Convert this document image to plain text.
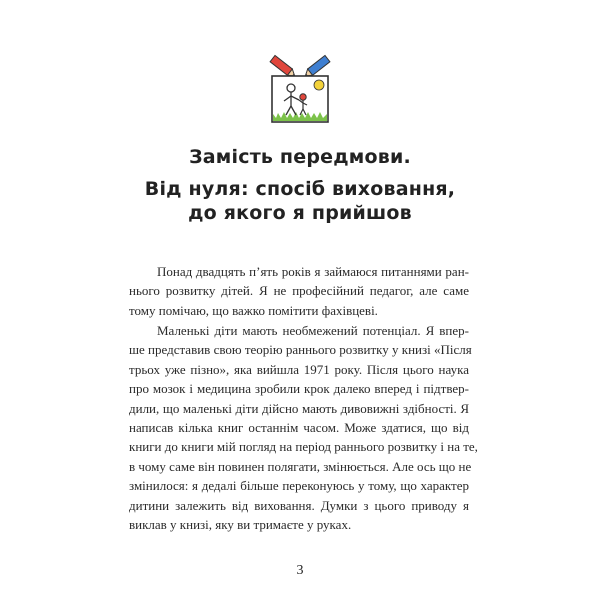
Замість передмови.
Від нуля: спосіб виховання,
до якого я прийшов
Понад двадцять п’ять років я займаюся питаннями ран-
нього розвитку дітей. Я не професійний педагог, але саме
тому помічаю, що важко помітити фахівцеві.
Маленькі діти мають необмежений потенціал. Я впер-
ше представив свою теорію раннього розвитку у книзі «Після
трьох уже пізно», яка вийшла 1971 року. Після цього наука
про мозок і медицина зробили крок далеко вперед і підтвер-
дили, що маленькі діти дійсно мають дивовижні здібності. Я
написав кілька книг останнім часом. Може здатися, що від
книги до книги мій погляд на період раннього розвитку і на те,
в чому саме він повинен полягати, змінюється. Але ось що не
змінилося: я дедалі більше переконуюсь у тому, що характер
дитини залежить від виховання. Думки з цього приводу я
виклав у книзі, яку ви тримаєте у руках.
3
